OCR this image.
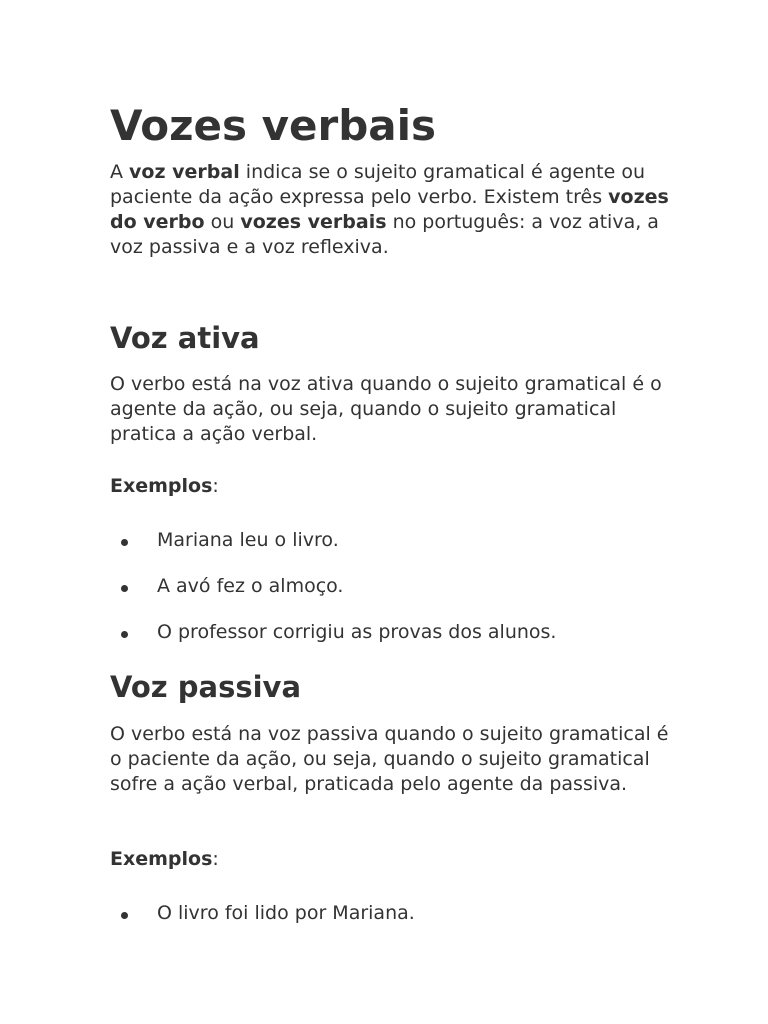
Vozes verbais

A voz verbal indica se o sujeito gramatical é agente ou paciente da ação expressa pelo verbo. Existem três vozes do verbo ou vozes verbais no português: a voz ativa, a voz passiva e a voz reflexiva.

Voz ativa

O verbo está na voz ativa quando o sujeito gramatical é o agente da ação, ou seja, quando o sujeito gramatical pratica a ação verbal.

Exemplos:
Mariana leu o livro.
A avó fez o almoço.
O professor corrigiu as provas dos alunos.
Voz passiva

O verbo está na voz passiva quando o sujeito gramatical é o paciente da ação, ou seja, quando o sujeito gramatical sofre a ação verbal, praticada pelo agente da passiva.

Exemplos:
O livro foi lido por Mariana.
